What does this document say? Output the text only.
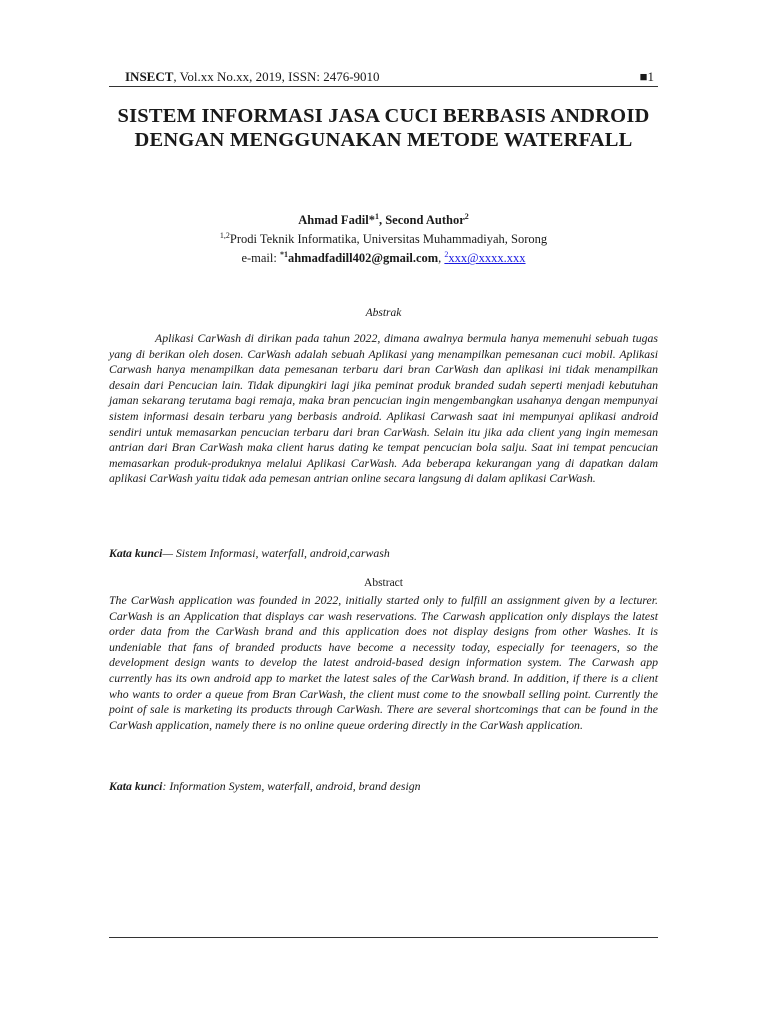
INSECT, Vol.xx No.xx, 2019, ISSN: 2476-9010	■1
SISTEM INFORMASI JASA CUCI BERBASIS ANDROID DENGAN MENGGUNAKAN METODE WATERFALL
Ahmad Fadil*$^1$, Second Author$^2$
$^{1,2}$Prodi Teknik Informatika, Universitas Muhammadiyah, Sorong
e-mail: $^{*1}$ahmadfadill402@gmail.com, $^2$xxx@xxxx.xxx
Abstrak
Aplikasi CarWash di dirikan pada tahun 2022, dimana awalnya bermula hanya memenuhi sebuah tugas yang di berikan oleh dosen. CarWash adalah sebuah Aplikasi yang menampilkan pemesanan cuci mobil. Aplikasi Carwash hanya menampilkan data pemesanan terbaru dari bran CarWash dan aplikasi ini tidak menampilkan desain dari Pencucian lain. Tidak dipungkiri lagi jika peminat produk branded sudah seperti menjadi kebutuhan jaman sekarang terutama bagi remaja, maka bran pencucian ingin mengembangkan usahanya dengan mempunyai sistem informasi desain terbaru yang berbasis android. Aplikasi Carwash saat ini mempunyai aplikasi android sendiri untuk memasarkan pencucian terbaru dari bran CarWash. Selain itu jika ada client yang ingin memesan antrian dari Bran CarWash maka client harus dating ke tempat pencucian bola salju. Saat ini tempat pencucian memasarkan produk-produknya melalui Aplikasi CarWash. Ada beberapa kekurangan yang di dapatkan dalam aplikasi CarWash yaitu tidak ada pemesan antrian online secara langsung di dalam aplikasi CarWash.
Kata kunci— Sistem Informasi, waterfall, android,carwash
Abstract
The CarWash application was founded in 2022, initially started only to fulfill an assignment given by a lecturer. CarWash is an Application that displays car wash reservations. The Carwash application only displays the latest order data from the CarWash brand and this application does not display designs from other Washes. It is undeniable that fans of branded products have become a necessity today, especially for teenagers, so the development design wants to develop the latest android-based design information system. The Carwash app currently has its own android app to market the latest sales of the CarWash brand. In addition, if there is a client who wants to order a queue from Bran CarWash, the client must come to the snowball selling point. Currently the point of sale is marketing its products through CarWash. There are several shortcomings that can be found in the CarWash application, namely there is no online queue ordering directly in the CarWash application.
Kata kunci: Information System, waterfall, android, brand design
